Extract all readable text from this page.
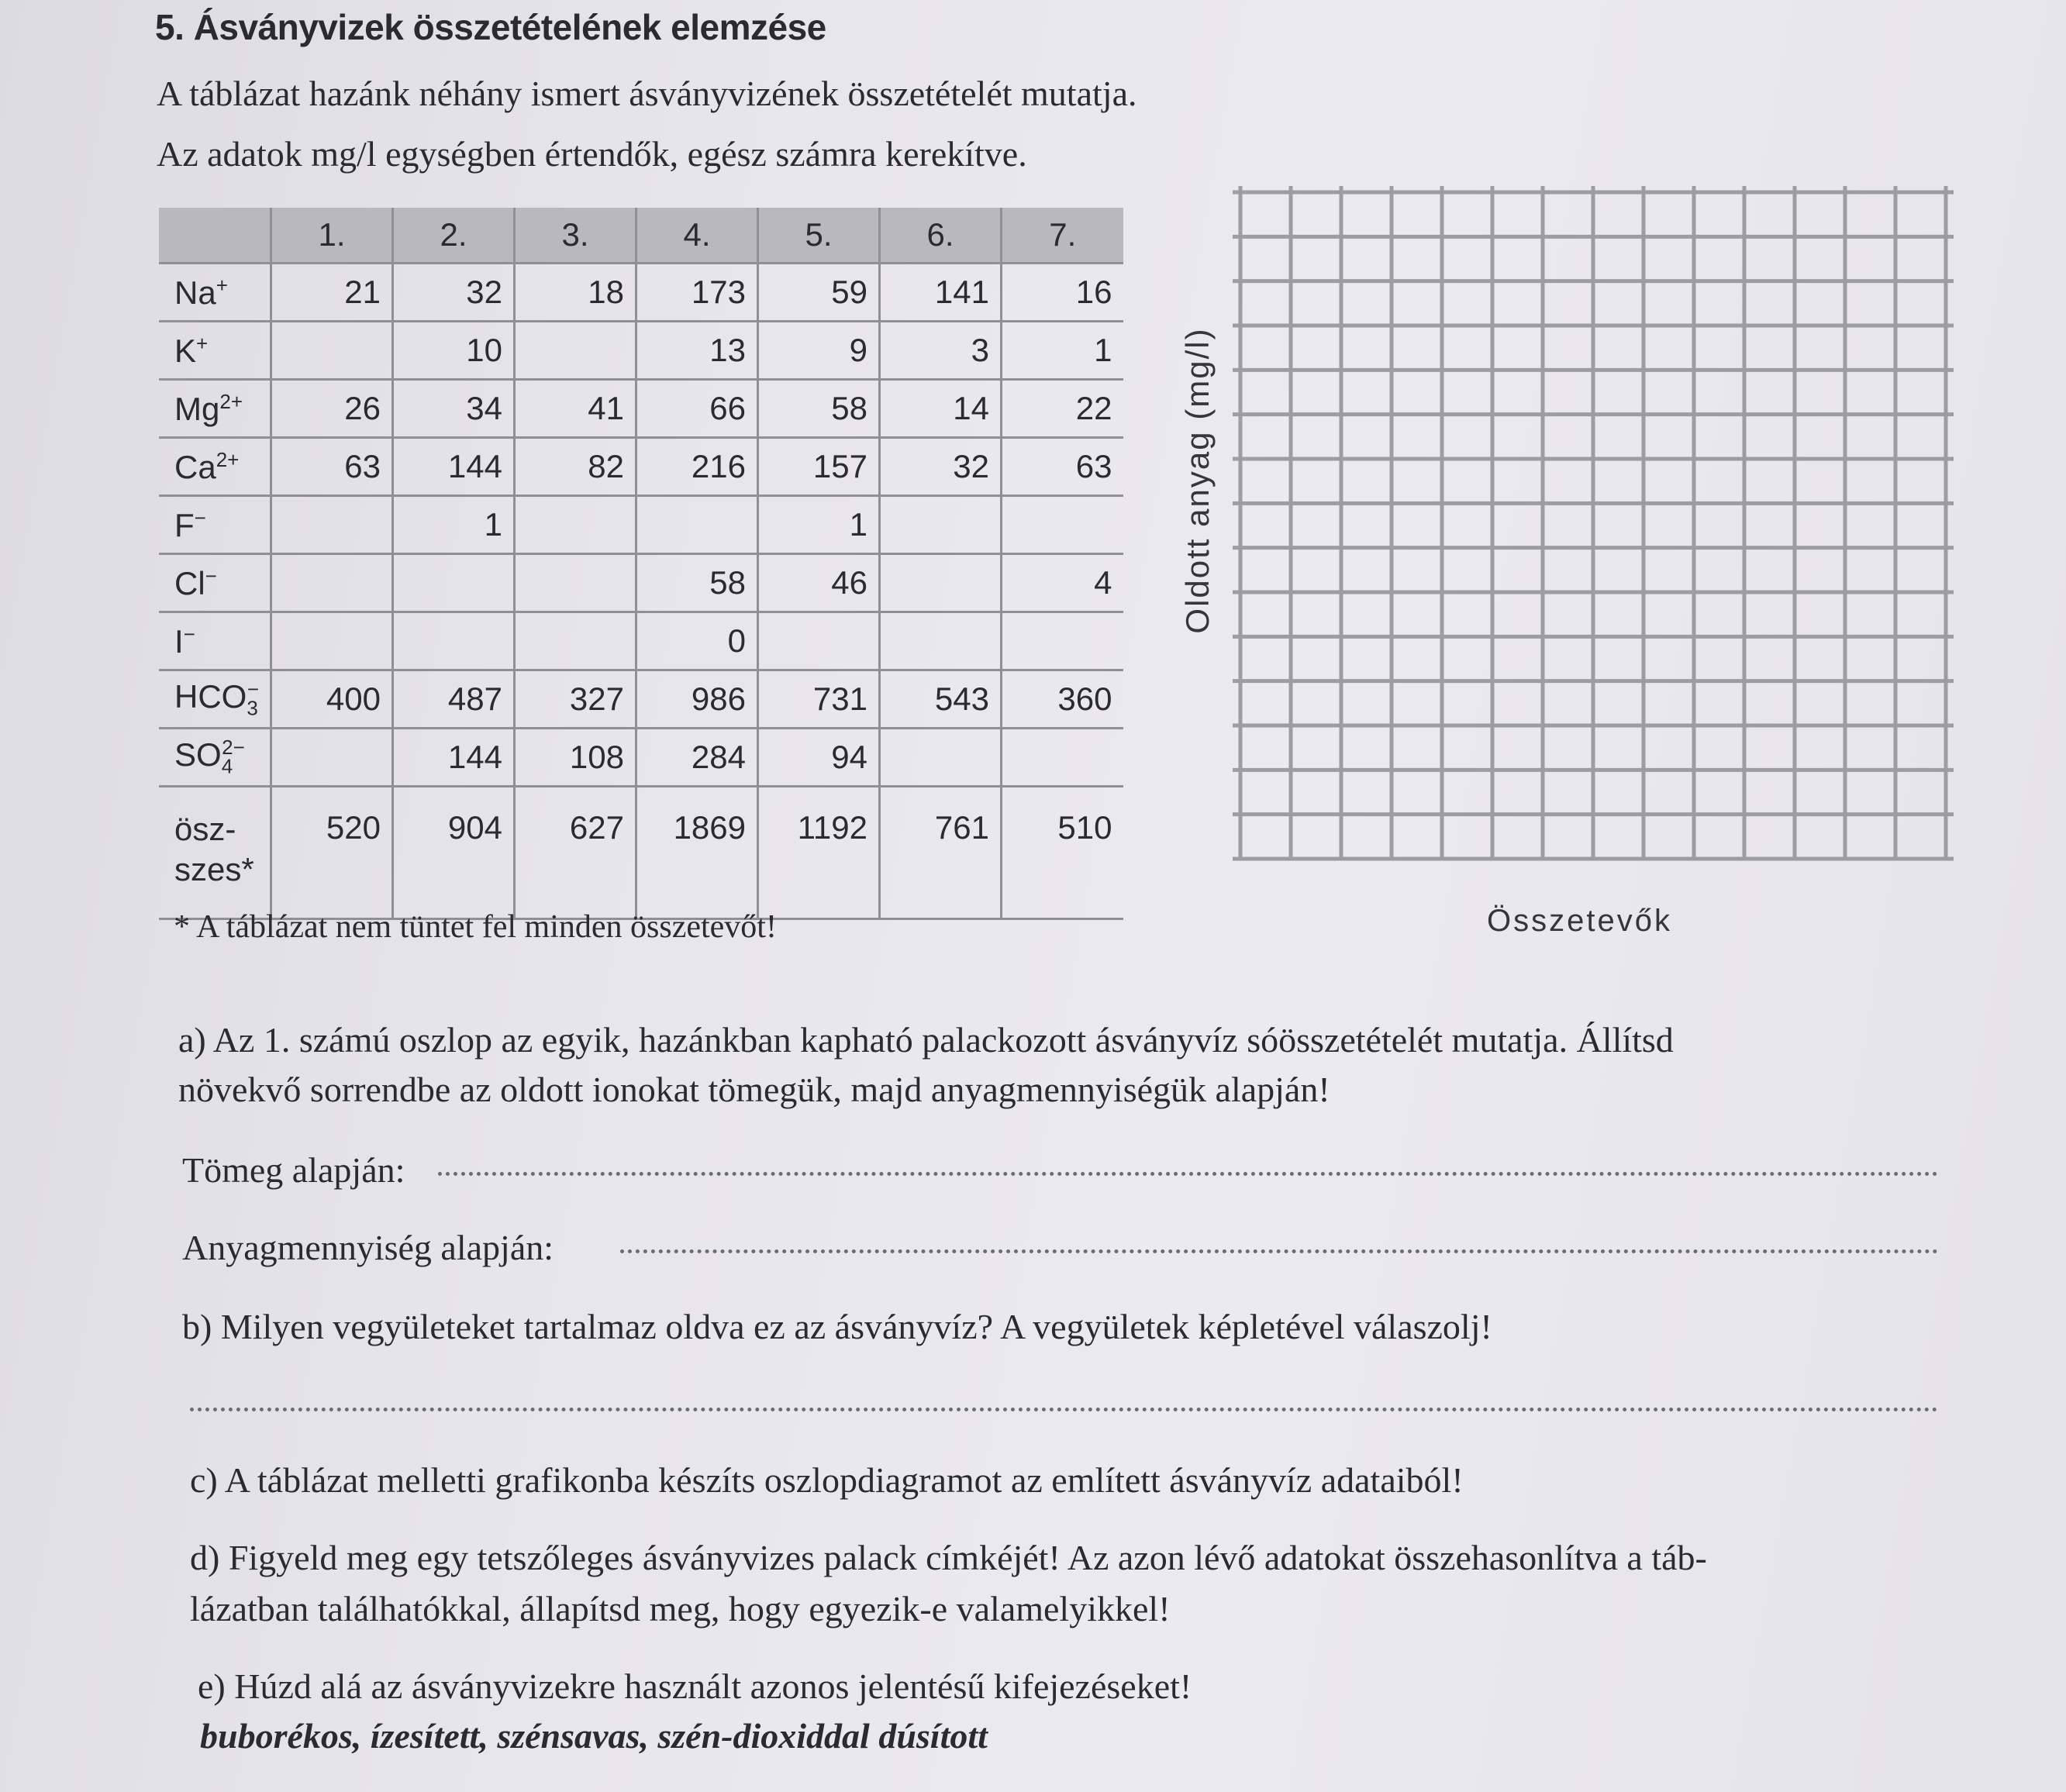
5. Ásványvizek összetételének elemzése
A táblázat hazánk néhány ismert ásványvizének összetételét mutatja.
Az adatok mg/l egységben értendők, egész számra kerekítve.
	1.	2.	3.	4.	5.	6.	7.
Na+	21	32	18	173	59	141	16
K+		10		13	9	3	1
$Mg^{2+}$	26	34	41	66	58	14	22
$Ca^{2+}$	63	144	82	216	157	32	63
F−		1			1		
Cl−				58	46		4
I−				0			
$HCO_3^-$	400	487	327	986	731	543	360
$SO_4^{2-}$		144	108	284	94		
ösz-
szes*	520	904	627	1869	1192	761	510
* A táblázat nem tüntet fel minden összetevőt!
Oldott anyag (mg/l)
Összetevők
a) Az 1. számú oszlop az egyik, hazánkban kapható palackozott ásványvíz sóösszetételét mutatja. Állítsd
növekvő sorrendbe az oldott ionokat tömegük, majd anyagmennyiségük alapján!
Tömeg alapján:
Anyagmennyiség alapján:
b) Milyen vegyületeket tartalmaz oldva ez az ásványvíz? A vegyületek képletével válaszolj!
c) A táblázat melletti grafikonba készíts oszlopdiagramot az említett ásványvíz adataiból!
d) Figyeld meg egy tetszőleges ásványvizes palack címkéjét! Az azon lévő adatokat összehasonlítva a táb-
lázatban találhatókkal, állapítsd meg, hogy egyezik-e valamelyikkel!
e) Húzd alá az ásványvizekre használt azonos jelentésű kifejezéseket!
buborékos, ízesített, szénsavas, szén-dioxiddal dúsított
